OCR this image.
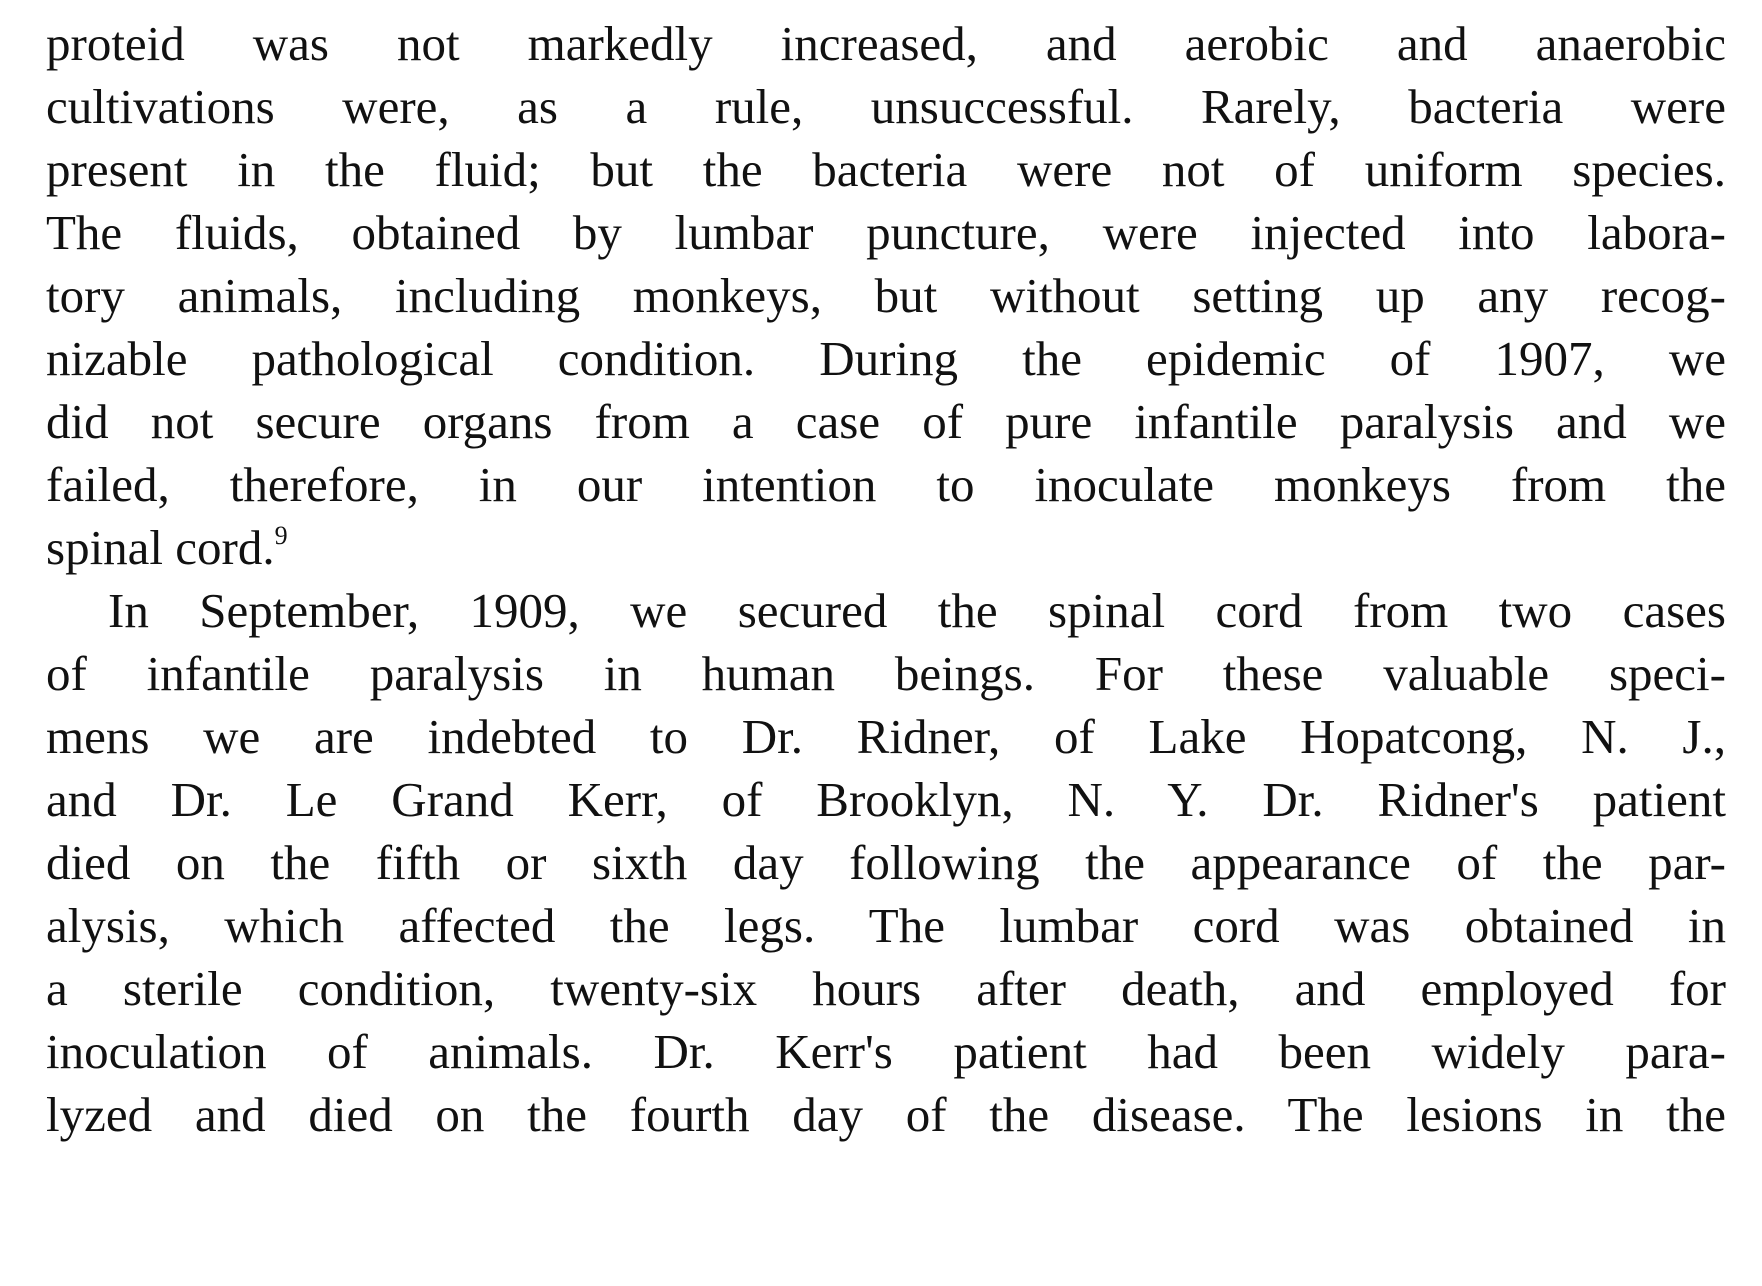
proteid was not markedly increased, and aerobic and anaerobic
cultivations were, as a rule, unsuccessful. Rarely, bacteria were
present in the fluid; but the bacteria were not of uniform species.
The fluids, obtained by lumbar puncture, were injected into labora-
tory animals, including monkeys, but without setting up any recog-
nizable pathological condition. During the epidemic of 1907, we
did not secure organs from a case of pure infantile paralysis and we
failed, therefore, in our intention to inoculate monkeys from the
spinal cord.$^9$
In September, 1909, we secured the spinal cord from two cases
of infantile paralysis in human beings. For these valuable speci-
mens we are indebted to Dr. Ridner, of Lake Hopatcong, N. J.,
and Dr. Le Grand Kerr, of Brooklyn, N. Y. Dr. Ridner's patient
died on the fifth or sixth day following the appearance of the par-
alysis, which affected the legs. The lumbar cord was obtained in
a sterile condition, twenty-six hours after death, and employed for
inoculation of animals. Dr. Kerr's patient had been widely para-
lyzed and died on the fourth day of the disease. The lesions in the
